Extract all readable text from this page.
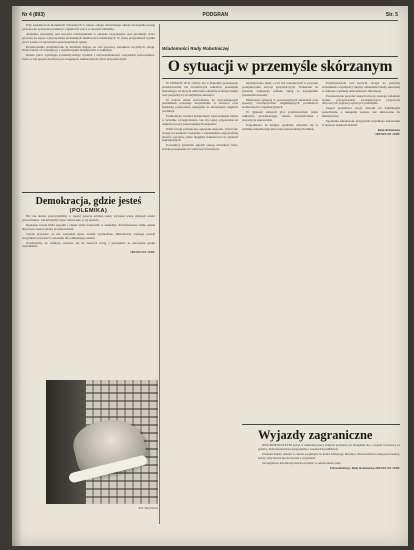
Nr 4 (893)	PODGRAN	Str. 5

Przy zasadniczych kierunkach wskazanych w trakcie całego omawianego okresu szczególną uwagę poświęcono sprawom produkcji i organizacji pracy w naszym zakładzie.

Aktualnie pracujemy nad nowymi rozwiązaniami w zakresie zaopatrzenia oraz produkcji, które pozwolą na lepsze wykorzystanie posiadanych możliwości technicznych. W wielu przypadkach wyniki pracy zależą od sprawności poszczególnych ogniw.

Równocześnie podejmowane są działania mające na celu poprawę warunków socjalnych załogi. Wiele zależy od współpracy z organizacjami działającymi w zakładzie.

Dalsze prace wymagają systematycznego wysiłku i odpowiedzialności wszystkich pracowników. Tylko w ten sposób możliwe jest osiągnięcie zamierzonych celów gospodarczych.

Demokracja, gdzie jesteś
(POLEMIKA)

Nie tak dawno przeczytaliśmy w naszej gazecie artykuł, który wywołał wiele dyskusji wśród pracowników. Chcielibyśmy zająć stanowisko w tej sprawie.

Dyskusja trwała kilka tygodni i objęła wiele środowisk w zakładzie. Przedstawiono różne opinie dotyczące zasad wyboru przedstawicieli.

Trzeba przyznać, że nie wszystkie głosy zostały wysłuchane. Demokracja wymaga przede wszystkim otwartości i szacunku dla odmiennego zdania.

Oczekujemy, że redakcja odniesie się do naszych uwag i przedstawi je szerszemu gronu czytelników.

IRENEUSZ JURY
Fot. Józef Wnuk
Wiadomości Rady Robotniczej
O sytuacji w przemyśle skórzanym

W DNIACH 20 II odbyło się w Radomiu posiedzenie przedstawicieli rad robotniczych zakładów przemysłu skórzanego, na którym omówiono aktualną sytuację branży oraz perspektywy na najbliższe miesiące.

W trakcie obrad stwierdzono, że najważniejszym problemem pozostaje zaopatrzenie w surowce oraz materiały pomocnicze niezbędne do utrzymania ciągłości produkcji.

Podkreślono również konieczność wprowadzenia zmian w systemie wynagradzania, tak aby lepiej odpowiadał on wkładowi pracy poszczególnych zespołów.

Wiele uwagi poświęcono sprawom eksportu. Zwrócono uwagę na trudności związane z uzyskaniem odpowiedniej jakości wyrobów, które mogłyby konkurować na rynkach zagranicznych.

Uczestnicy spotkania zgłosili szereg wniosków, które zostaną przekazane do właściwych instytucji.

Dyskutowano także o roli rad robotniczych w procesie podejmowania decyzji gospodarczych. Wskazano na potrzebę większego udziału załóg w zarządzaniu przedsiębiorstwami.

Omówiono sytuację w poszczególnych zakładach oraz sposoby rozwiązywania najpilniejszych problemów technicznych i organizacyjnych.

W dyskusji zabierali głos przedstawiciele wielu zakładów, przedstawiając własne doświadczenia i propozycje usprawnień.

Uzgodniono, że kolejne spotkanie odbędzie się w terminie umożliwiającym ocenę wprowadzonych zmian.

Przedstawiciele rad zwrócili uwagę na potrzebę zacieśnienia współpracy między zakładami branży skórzanej w zakresie wymiany doświadczeń i informacji.

Postanowiono powołać zespół roboczy, którego zadaniem będzie przygotowanie szczegółowych propozycji dotyczących poprawy sytuacji w przemyśle.

Zespół przedstawi swoje wnioski na najbliższym posiedzeniu, a następnie zostaną one skierowane do ministerstwa.

Spotkanie zakończono przyjęciem wspólnego stanowiska w sprawie dalszych działań.

Rada Robotnicza
IRENEUSZ JURY
Wyjazdy zagraniczne

DWUDZIESTOLETNI pobyt w zakładzie pracy stanowi podstawę do ubiegania się o wyjazd wczasowy za granicę. Rada Robotnicza przypomina o zasadach kwalifikacji.

Wnioski należy składać w dziale socjalnym do końca bieżącego miesiąca. Pierwszeństwo mają pracownicy, którzy dotychczas nie korzystali z wyjazdów.

Szczegółowe informacje można uzyskać w sekretariacie rady.

Przewodniczący Rady Robotniczej IRENEUSZ JURY
